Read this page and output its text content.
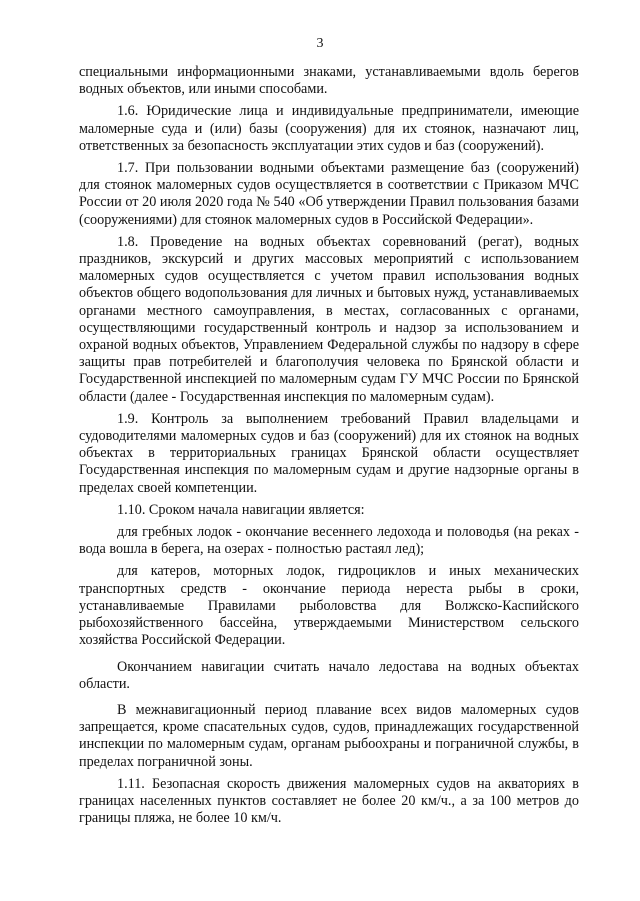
3

специальными информационными знаками, устанавливаемыми вдоль берегов водных объектов, или иными способами.

1.6. Юридические лица и индивидуальные предприниматели, имеющие маломерные суда и (или) базы (сооружения) для их стоянок, назначают лиц, ответственных за безопасность эксплуатации этих судов и баз (сооружений).

1.7. При пользовании водными объектами размещение баз (сооружений) для стоянок маломерных судов осуществляется в соответствии с Приказом МЧС России от 20 июля 2020 года № 540 «Об утверждении Правил пользования базами (сооружениями) для стоянок маломерных судов в Российской Федерации».

1.8. Проведение на водных объектах соревнований (регат), водных праздников, экскурсий и других массовых мероприятий с использованием маломерных судов осуществляется с учетом правил использования водных объектов общего водопользования для личных и бытовых нужд, устанавливаемых органами местного самоуправления, в местах, согласованных с органами, осуществляющими государственный контроль и надзор за использованием и охраной водных объектов, Управлением Федеральной службы по надзору в сфере защиты прав потребителей и благополучия человека по Брянской области и Государственной инспекцией по маломерным судам ГУ МЧС России по Брянской области (далее - Государственная инспекция по маломерным судам).

1.9. Контроль за выполнением требований Правил владельцами и судоводителями маломерных судов и баз (сооружений) для их стоянок на водных объектах в территориальных границах Брянской области осуществляет Государственная инспекция по маломерным судам и другие надзорные органы в пределах своей компетенции.

1.10. Сроком начала навигации является:

для гребных лодок - окончание весеннего ледохода и половодья (на реках - вода вошла в берега, на озерах - полностью растаял лед);

для катеров, моторных лодок, гидроциклов и иных механических транспортных средств - окончание периода нереста рыбы в сроки, устанавливаемые Правилами рыболовства для Волжско-Каспийского рыбохозяйственного бассейна, утверждаемыми Министерством сельского хозяйства Российской Федерации.

Окончанием навигации считать начало ледостава на водных объектах области.

В межнавигационный период плавание всех видов маломерных судов запрещается, кроме спасательных судов, судов, принадлежащих государственной инспекции по маломерным судам, органам рыбоохраны и пограничной службы, в пределах пограничной зоны.

1.11. Безопасная скорость движения маломерных судов на акваториях в границах населенных пунктов составляет не более 20 км/ч., а за 100 метров до границы пляжа, не более 10 км/ч.
